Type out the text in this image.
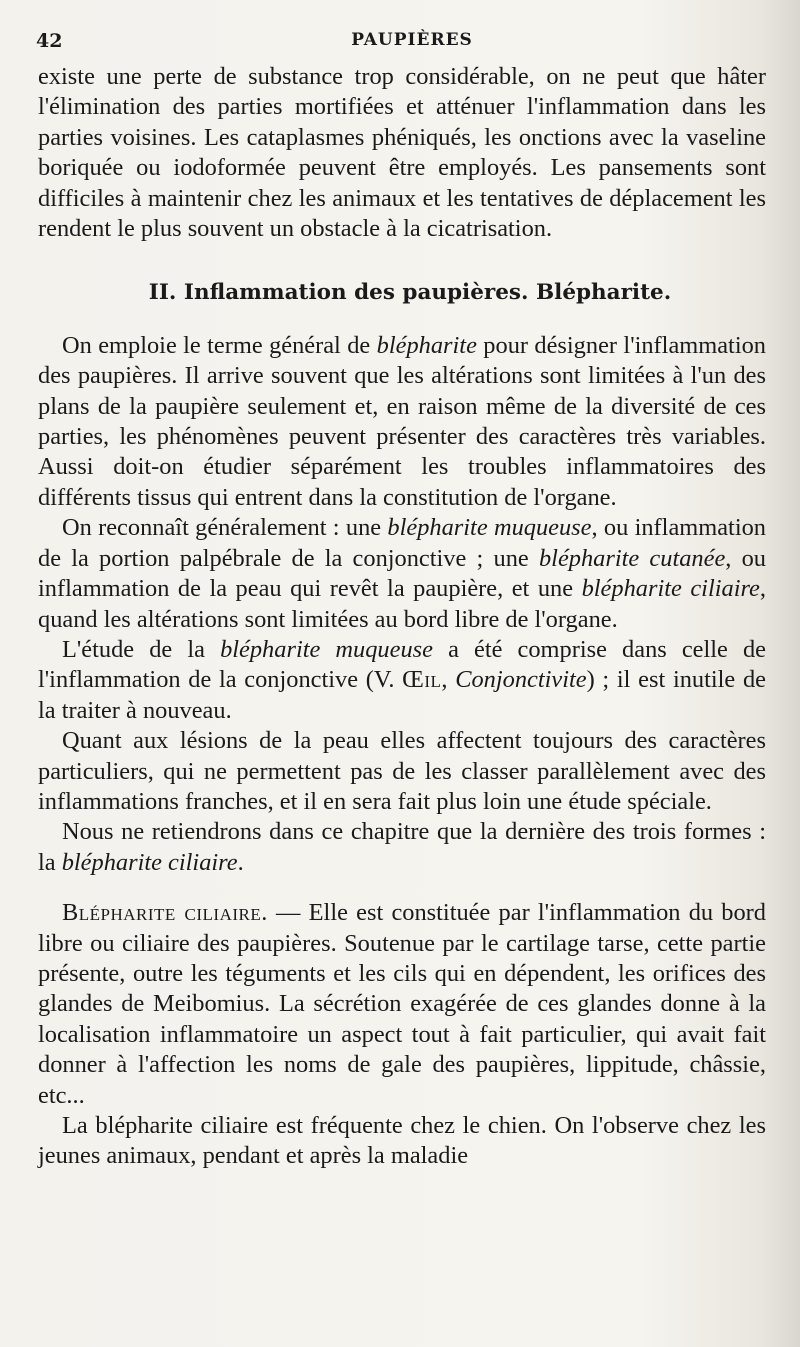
42	PAUPIÈRES

existe une perte de substance trop considérable, on ne peut que hâter l'élimination des parties mortifiées et atténuer l'inflammation dans les parties voisines. Les cataplasmes phéniqués, les onctions avec la vaseline boriquée ou iodoformée peuvent être employés. Les pansements sont difficiles à maintenir chez les animaux et les tentatives de déplacement les rendent le plus souvent un obstacle à la cicatrisation.

II. Inflammation des paupières. Blépharite.

On emploie le terme général de blépharite pour désigner l'inflammation des paupières. Il arrive souvent que les altérations sont limitées à l'un des plans de la paupière seulement et, en raison même de la diversité de ces parties, les phénomènes peuvent présenter des caractères très variables. Aussi doit-on étudier séparément les troubles inflammatoires des différents tissus qui entrent dans la constitution de l'organe.

On reconnaît généralement : une blépharite muqueuse, ou inflammation de la portion palpébrale de la conjonctive ; une blépharite cutanée, ou inflammation de la peau qui revêt la paupière, et une blépharite ciliaire, quand les altérations sont limitées au bord libre de l'organe.

L'étude de la blépharite muqueuse a été comprise dans celle de l'inflammation de la conjonctive (V. Œil, Conjonctivite) ; il est inutile de la traiter à nouveau.

Quant aux lésions de la peau elles affectent toujours des caractères particuliers, qui ne permettent pas de les classer parallèlement avec des inflammations franches, et il en sera fait plus loin une étude spéciale.

Nous ne retiendrons dans ce chapitre que la dernière des trois formes : la blépharite ciliaire.

Blépharite ciliaire. — Elle est constituée par l'inflammation du bord libre ou ciliaire des paupières. Soutenue par le cartilage tarse, cette partie présente, outre les téguments et les cils qui en dépendent, les orifices des glandes de Meibomius. La sécrétion exagérée de ces glandes donne à la localisation inflammatoire un aspect tout à fait particulier, qui avait fait donner à l'affection les noms de gale des paupières, lippitude, châssie, etc...

La blépharite ciliaire est fréquente chez le chien. On l'observe chez les jeunes animaux, pendant et après la maladie
